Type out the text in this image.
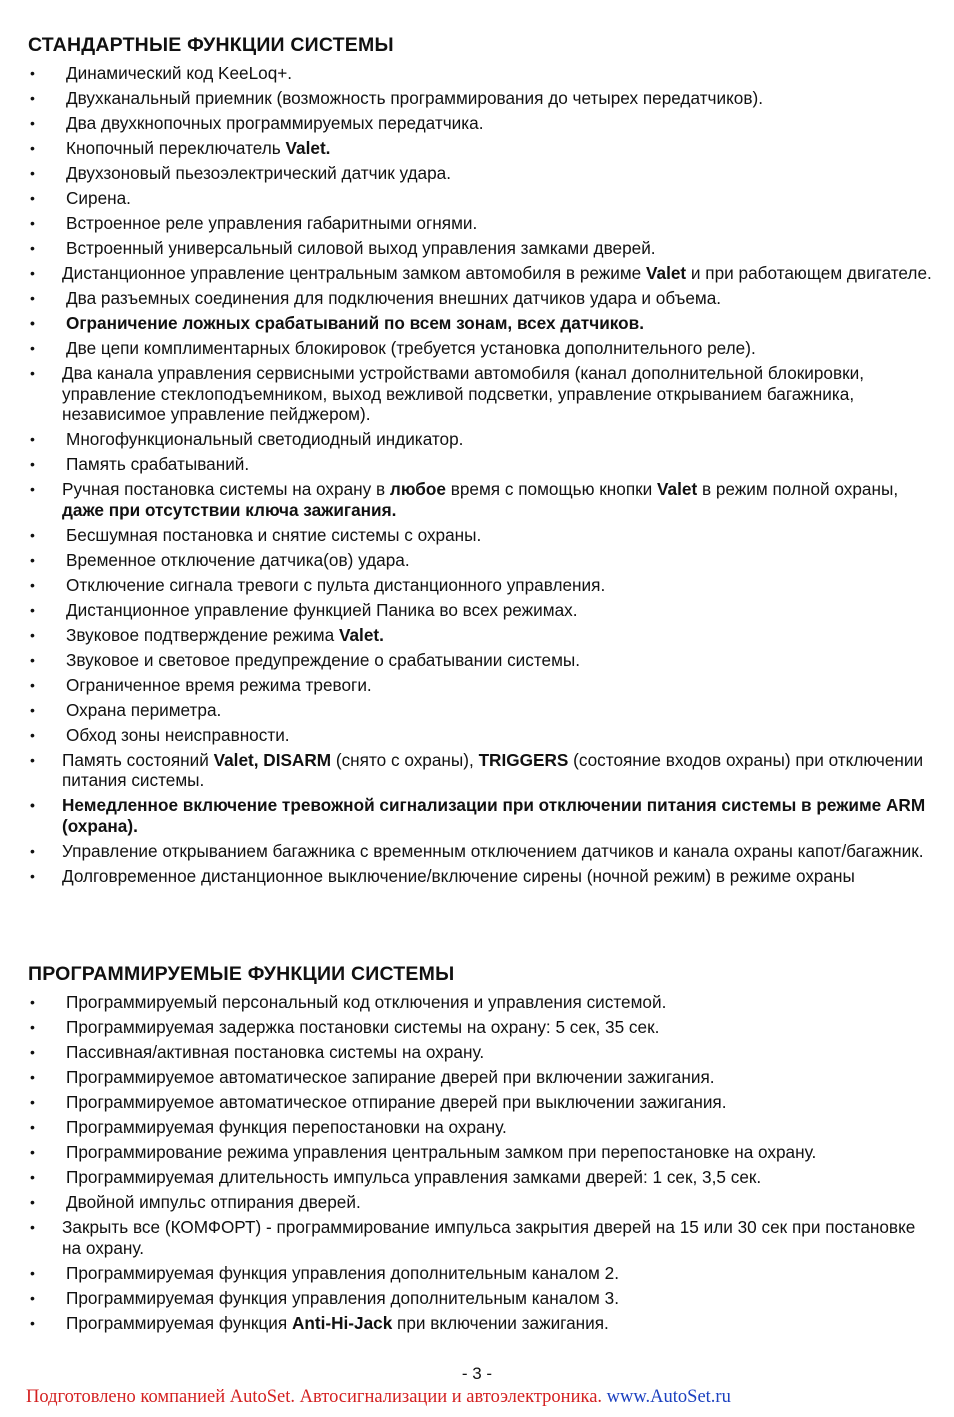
СТАНДАРТНЫЕ ФУНКЦИИ СИСТЕМЫ
• Динамический код KeeLoq+.
• Двухканальный приемник (возможность программирования до четырех передатчиков).
• Два двухкнопочных программируемых передатчика.
• Кнопочный переключатель Valet.
• Двухзоновый пьезоэлектрический датчик удара.
• Сирена.
• Встроенное реле управления габаритными огнями.
• Встроенный универсальный силовой выход управления замками дверей.
• Дистанционное управление центральным замком автомобиля в режиме Valet и при работающем двигателе.
• Два разъемных соединения для подключения внешних датчиков удара и объема.
• Ограничение ложных срабатываний по всем зонам, всех датчиков.
• Две цепи комплиментарных блокировок (требуется установка дополнительного реле).
• Два канала управления сервисными устройствами автомобиля (канал дополнительной блокировки, управление стеклоподъемником, выход вежливой подсветки, управление открыванием багажника, независимое управление пейджером).
• Многофункциональный светодиодный индикатор.
• Память срабатываний.
• Ручная постановка системы на охрану в любое время с помощью кнопки Valet в режим полной охраны, даже при отсутствии ключа зажигания.
• Бесшумная постановка и снятие системы с охраны.
• Временное отключение датчика(ов) удара.
• Отключение сигнала тревоги с пульта дистанционного управления.
• Дистанционное управление функцией Паника во всех режимах.
• Звуковое подтверждение режима Valet.
• Звуковое и световое предупреждение о срабатывании системы.
• Ограниченное время режима тревоги.
• Охрана периметра.
• Обход зоны неисправности.
• Память состояний Valet, DISARM (снято с охраны), TRIGGERS (состояние входов охраны) при отключении питания системы.
• Немедленное включение тревожной сигнализации при отключении питания системы в режиме ARM (охрана).
• Управление открыванием багажника с временным отключением датчиков и канала охраны капот/багажник.
• Долговременное дистанционное выключение/включение сирены (ночной режим) в режиме охраны
ПРОГРАММИРУЕМЫЕ ФУНКЦИИ СИСТЕМЫ
• Программируемый персональный код отключения и управления системой.
• Программируемая задержка постановки системы на охрану: 5 сек, 35 сек.
• Пассивная/активная постановка системы на охрану.
• Программируемое автоматическое запирание дверей при включении зажигания.
• Программируемое автоматическое отпирание дверей при выключении зажигания.
• Программируемая функция перепостановки на охрану.
• Программирование режима управления центральным замком при перепостановке на охрану.
• Программируемая длительность импульса управления замками дверей: 1 сек, 3,5 сек.
• Двойной импульс отпирания дверей.
• Закрыть все (КОМФОРТ) - программирование импульса закрытия дверей на 15 или 30 сек при постановке на охрану.
• Программируемая функция управления дополнительным каналом 2.
• Программируемая функция управления дополнительным каналом 3.
• Программируемая функция Anti-Hi-Jack при включении зажигания.
- 3 -
Подготовлено компанией AutoSet. Автосигнализации и автоэлектроника. www.AutoSet.ru
